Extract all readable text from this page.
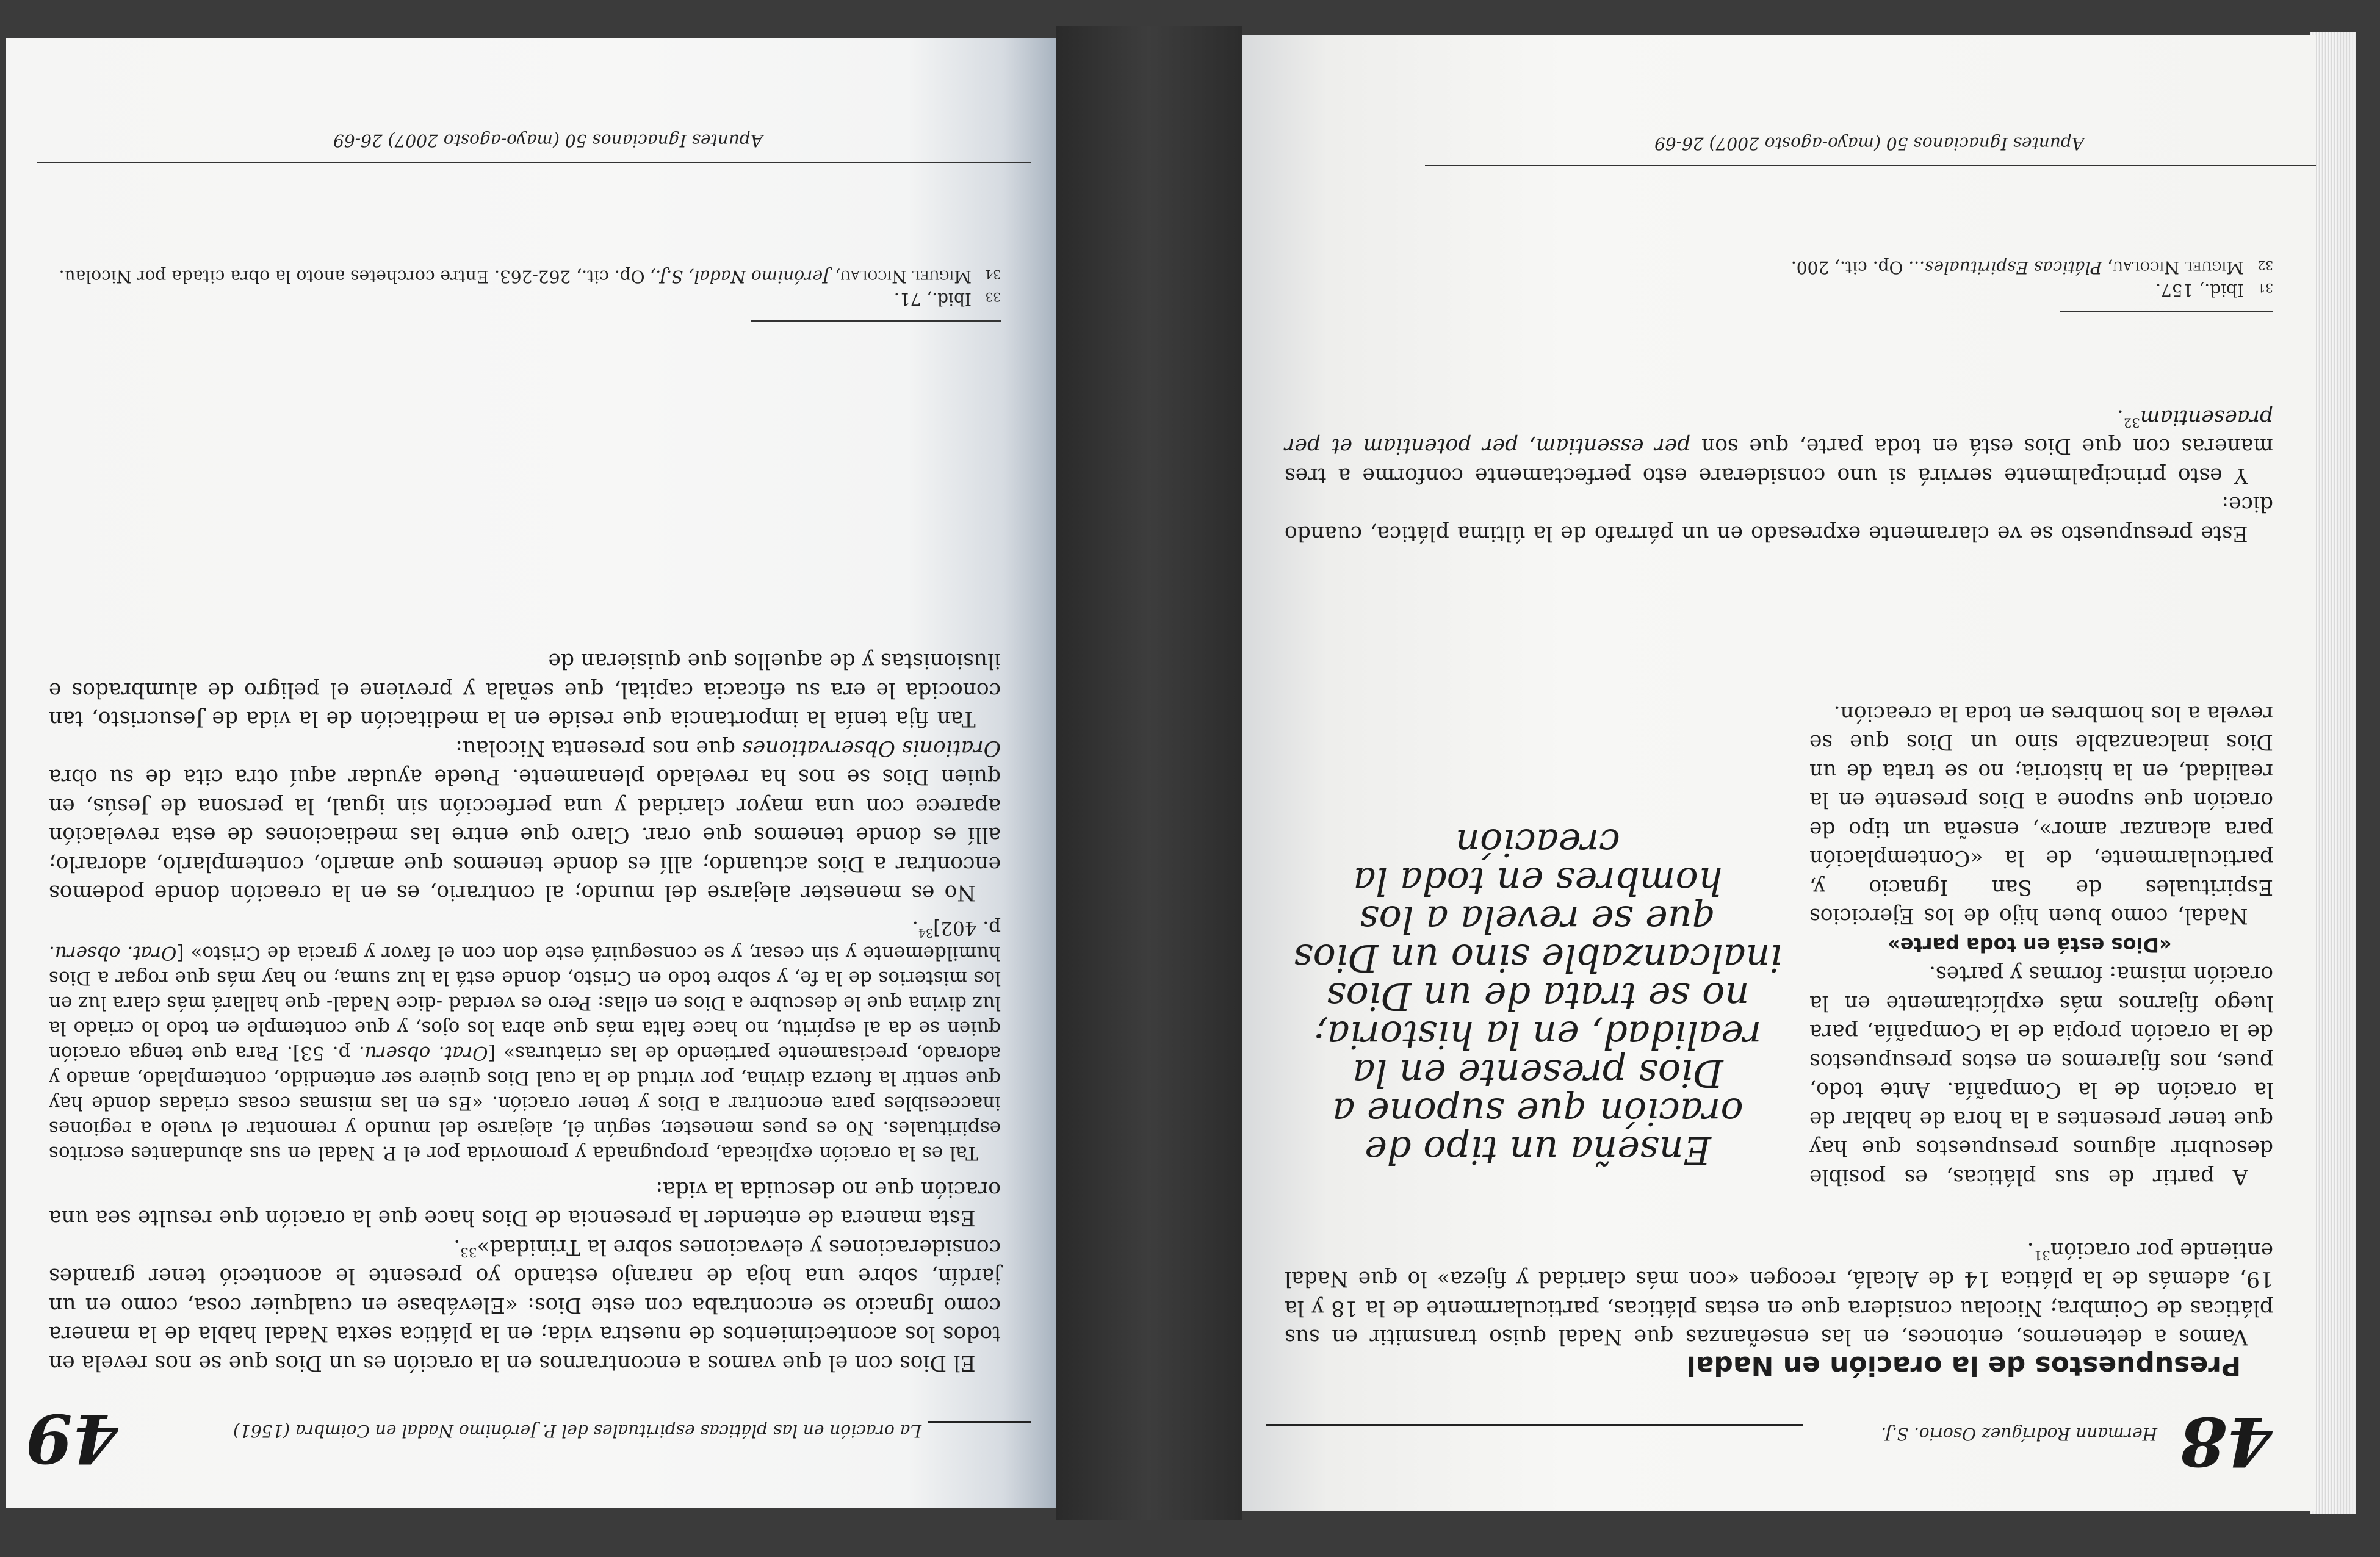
48
Hermann Rodríguez Osorio. S.J.

Presupuestos de la oración en Nadal

Vamos a detenernos, entonces, en las enseñanzas que Nadal quiso transmitir en sus pláticas de Coimbra; Nicolau considera que en estas pláticas, particularmente de la 18 y la 19, además de la plática 14 de Alcalá, recogen «con más claridad y fijeza» lo que Nadal entiende por oración$^{31}$.

A partir de sus pláticas, es posible descubrir algunos presupuestos que hay que tener presentes a la hora de hablar de la oración de la Compañía. Ante todo, pues, nos fijaremos en estos presupuestos de la oración propia de la Compañía, para luego fijarnos más explícitamente en la oración misma: formas y partes.

«Dios está en toda parte»

Nadal, como buen hijo de los Ejercicios Espirituales de San Ignacio y, particularmente, de la «Contemplación para alcanzar amor», enseña un tipo de oración que supone a Dios presente en la realidad, en la historia; no se trata de un Dios inalcanzable sino un Dios que se revela a los hombres en toda la creación.

Enseña un tipo de oración que supone a Dios presente en la realidad, en la historia; no se trata de un Dios inalcanzable sino un Dios que se revela a los hombres en toda la creación

Este presupuesto se ve claramente expresado en un párrafo de la última plática, cuando dice:

Y esto principalmente servirá si uno considerare esto perfectamente conforme a tres maneras con que Dios está en toda parte, que son per essentiam, per potentiam et per praesentiam$^{32}$.

31
Ibid., 157.
32
Miguel Nicolau, Pláticas Espirituales... Op. cit., 200.
Apuntes Ignacianos 50 (mayo-agosto 2007) 26-69
La oración en las pláticas espirituales del P. Jerónimo Nadal en Coimbra (1561)
49

El Dios con el que vamos a encontrarnos en la oración es un Dios que se nos revela en todos los acontecimientos de nuestra vida; en la plática sexta Nadal habla de la manera como Ignacio se encontraba con este Dios: «Elevábase en cualquier cosa, como en un jardín, sobre una hoja de naranjo estando yo presente le aconteció tener grandes consideraciones y elevaciones sobre la Trinidad»$^{33}$.

Esta manera de entender la presencia de Dios hace que la oración que resulte sea una oración que no descuida la vida:

Tal es la oración explicada, propugnada y promovida por el P. Nadal en sus abundantes escritos espirituales. No es pues menester, según él, alejarse del mundo y remontar el vuelo a regiones inaccesibles para encontrar a Dios y tener oración. «Es en las mismas cosas criadas donde hay que sentir la fuerza divina, por virtud de la cual Dios quiere ser entendido, contemplado, amado y adorado, precisamente partiendo de las criaturas» [Orat. obseru. p. 53]. Para que tenga oración quien se da al espíritu, no hace falta más que abra los ojos, y que contemple en todo lo criado la luz divina que le descubre a Dios en ellas: Pero es verdad -dice Nadal- que hallará más clara luz en los misterios de la fe, y sobre todo en Cristo, donde está la luz suma; no hay más que rogar a Dios humildemente y sin cesar, y se conseguirá este don con el favor y gracia de Cristo» [Orat. obseru. p. 402]$^{34}$.

No es menester alejarse del mundo; al contrario, es en la creación donde podemos encontrar a Dios actuando; allí es donde tenemos que amarlo, contemplarlo, adorarlo; allí es donde tenemos que orar. Claro que entre las mediaciones de esta revelación aparece con una mayor claridad y una perfección sin igual, la persona de Jesús, en quien Dios se nos ha revelado plenamente. Puede ayudar aquí otra cita de su obra Orationis Observationes que nos presenta Nicolau:

Tan fija tenía la importancia que reside en la meditación de la vida de Jesucristo, tan conocida le era su eficacia capital, que señala y previene el peligro de alumbrados e ilusionistas y de aquellos que quisieran de

33
Ibid., 71.
34
Miguel Nicolau, Jerónimo Nadal, S.J., Op. cit., 262-263. Entre corchetes anoto la obra citada por Nicolau.
Apuntes Ignacianos 50 (mayo-agosto 2007) 26-69
